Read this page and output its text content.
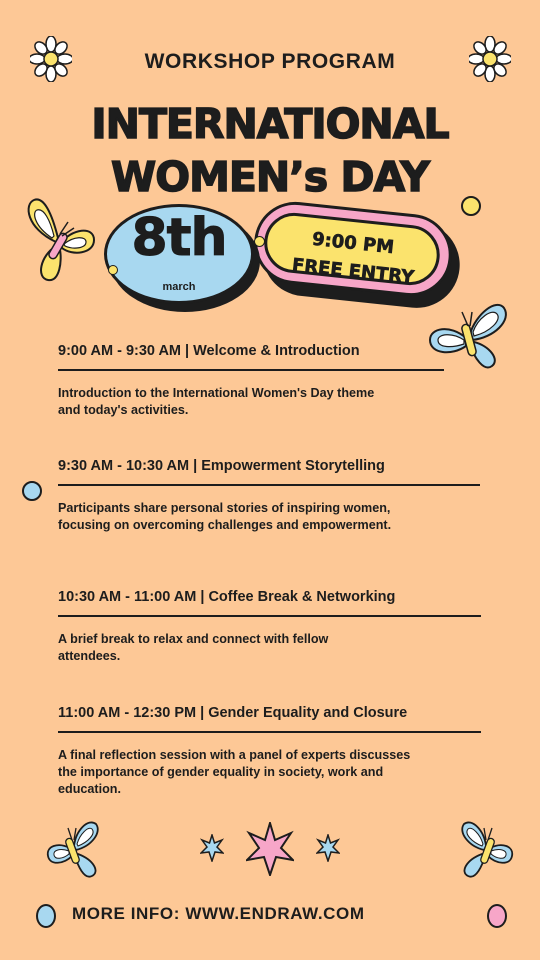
WORKSHOP PROGRAM
INTERNATIONAL
WOMEN’s DAY
9:00 PM
FREE ENTRY
8th
march
9:00 AM - 9:30 AM | Welcome & Introduction
Introduction to the International Women's Day theme
and today's activities.
9:30 AM - 10:30 AM | Empowerment Storytelling
Participants share personal stories of inspiring women,
focusing on overcoming challenges and empowerment.
10:30 AM - 11:00 AM | Coffee Break & Networking
A brief break to relax and connect with fellow
attendees.
11:00 AM - 12:30 PM | Gender Equality and Closure
A final reflection session with a panel of experts discusses
the importance of gender equality in society, work and
education.
MORE INFO: WWW.ENDRAW.COM
